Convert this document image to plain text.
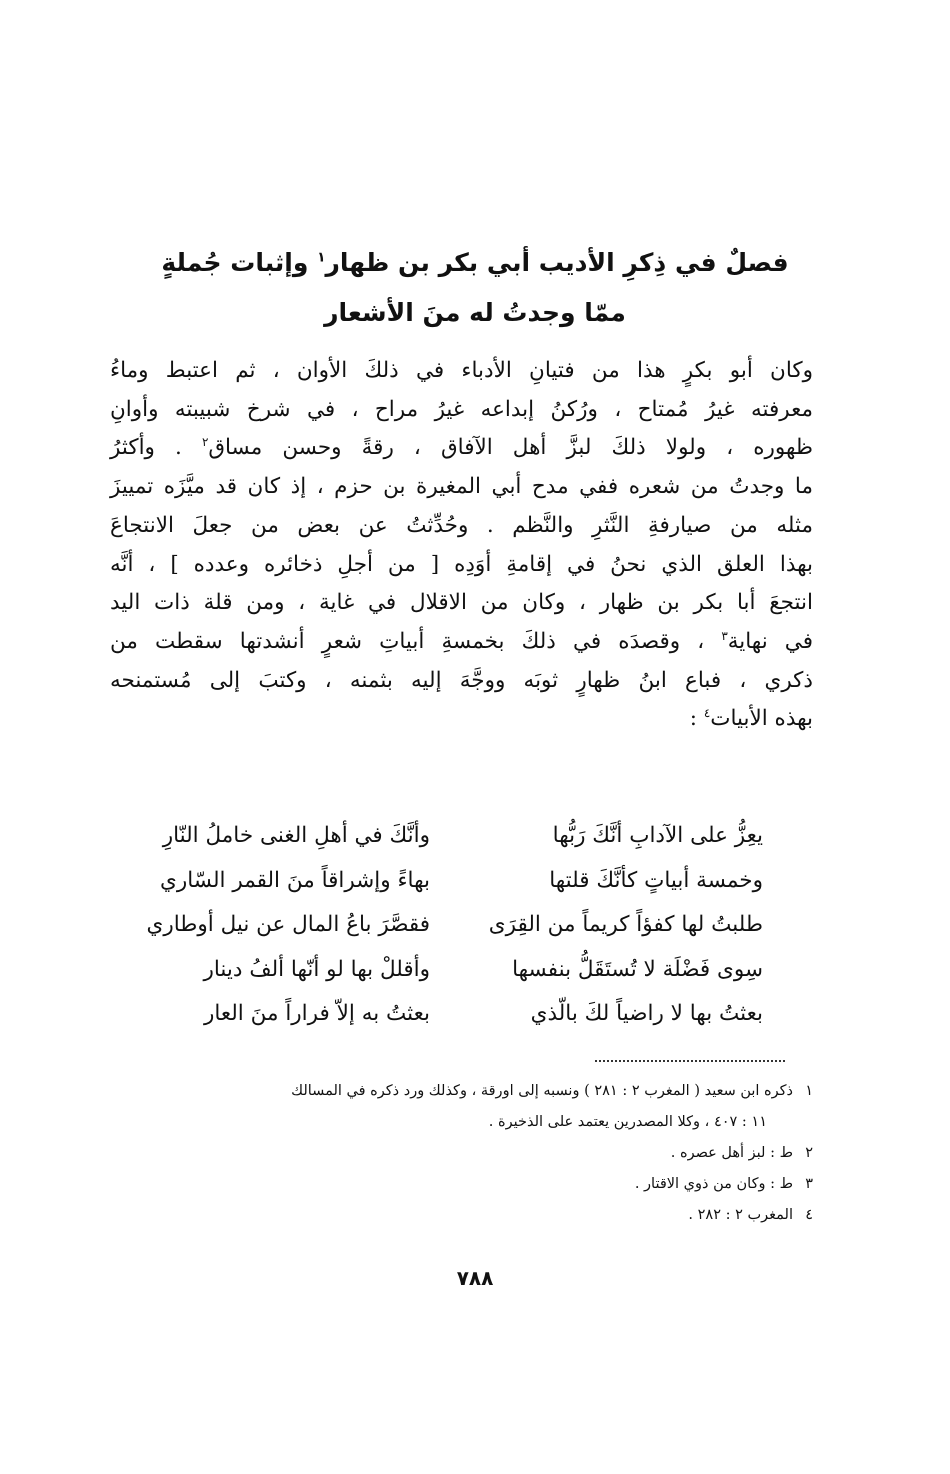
فصلٌ في ذِكرِ الأديب أبي بكر بن ظهار$^١$ وإثبات جُملةٍ
ممّا وجدتُ له منَ الأشعار
وكان أبو بكرٍ هذا من فتيانِ الأدباء في ذلكَ الأوان ، ثم اعتبط وماءُ
معرفته غيرُ مُمتاح ، ورُكنُ إبداعه غيرُ مراح ، في شرخ شبيبته وأوانِ
ظهوره ، ولولا ذلكَ لبزَّ أهل الآفاق ، رقةً وحسن مساق$^٢$ . وأكثرُ
ما وجدتُ من شعره ففي مدح أبي المغيرة بن حزم ، إذ كان قد ميَّزَه تمييزَ
مثله من صيارفةِ النَّثرِ والنَّظم . وحُدِّثتُ عن بعض من جعلَ الانتجاعَ
بهذا العلق الذي نحنُ في إقامةِ أوَدِه [ من أجلِ ذخائره وعدده ] ، أنَّه
انتجعَ أبا بكر بن ظهار ، وكان من الاقلال في غاية ، ومن قلة ذات اليد
في نهاية$^٣$ ، وقصدَه في ذلكَ بخمسةِ أبياتِ شعرٍ أنشدتها سقطت من
ذكري ، فباع ابنُ ظهارٍ ثوبَه ووجَّهَ إليه بثمنه ، وكتبَ إلى مُستمنحه
بهذه الأبيات$^٤$ :
يعِزُّ على الآدابِ أنَّكَ رَبُّها
وأنَّكَ في أهلِ الغنى خاملُ النّارِ
وخمسة أبياتٍ كأنَّكَ قلتها
بهاءً وإشراقاً منَ القمر السّاري
طلبتُ لها كفؤاً كريماً من القِرَى
فقصَّرَ باعُ المال عن نيل أوطاري
سِوى فَضْلَة لا تُستَقَلُّ بنفسها
وأقللْ بها لو أنّها ألفُ دينار
بعثتُ بها لا راضياً لكَ بالّذي
بعثتُ به إلاّ فراراً منَ العار
١
ذكره ابن سعيد ( المغرب ٢ : ٢٨١ ) ونسبه إلى اورقة ، وكذلك ورد ذكره في المسالك
١١ : ٤٠٧ ، وكلا المصدرين يعتمد على الذخيرة .
٢
ط : لبز أهل عصره .
٣
ط : وكان من ذوي الاقتار .
٤
المغرب ٢ : ٢٨٢ .
٧٨٨
